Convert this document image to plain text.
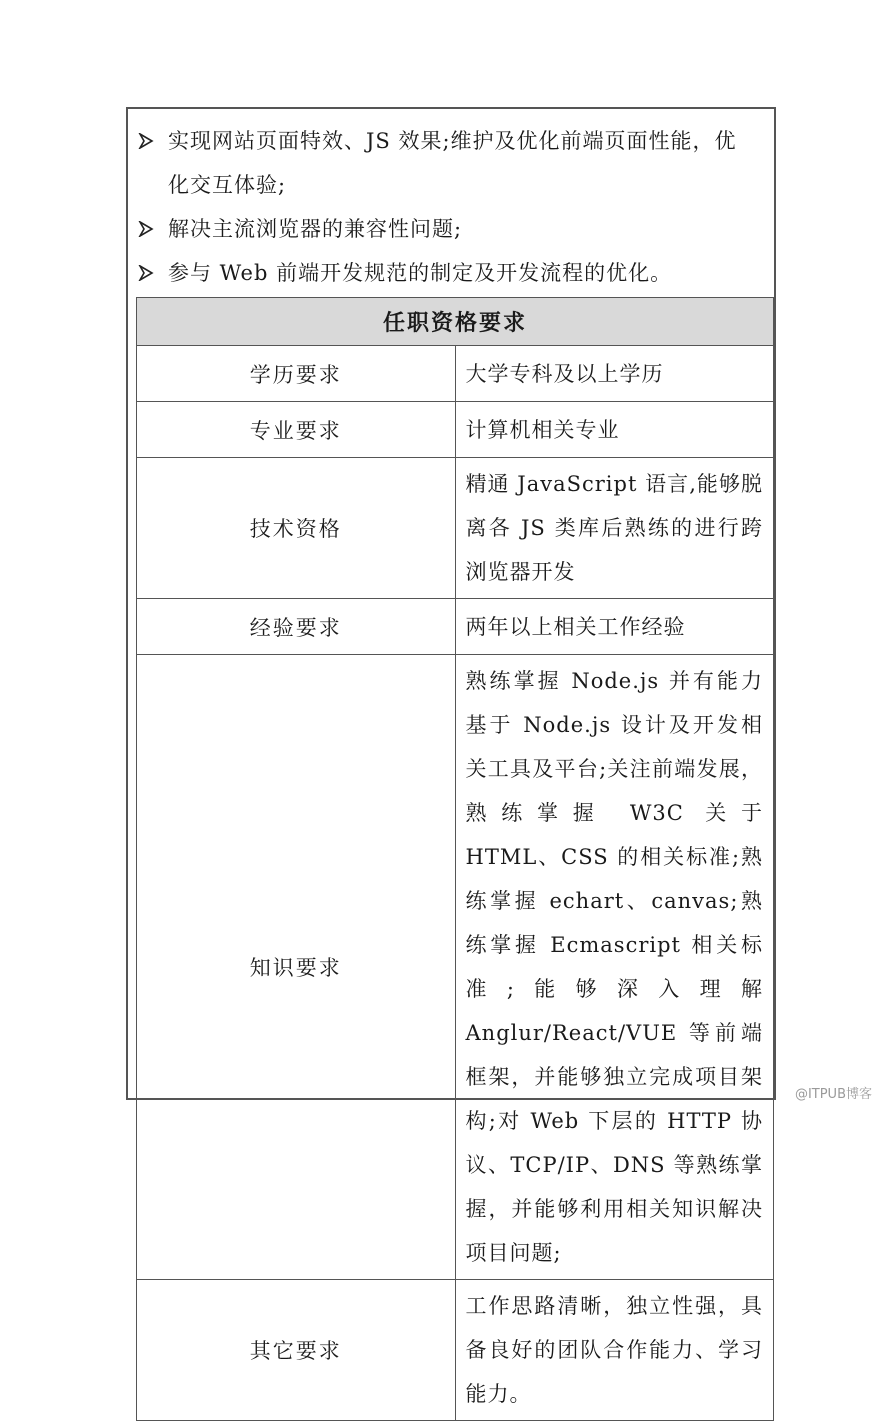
实现网站页面特效、JS 效果;维护及优化前端页面性能，优化交互体验;
解决主流浏览器的兼容性问题;
参与 Web 前端开发规范的制定及开发流程的优化。
任职资格要求	
学历要求	大学专科及以上学历
专业要求	计算机相关专业
技术资格	精通 JavaScript 语言,能够脱离各 JS 类库后熟练的进行跨浏览器开发
经验要求	两年以上相关工作经验
知识要求	熟练掌握 Node.js 并有能力基于 Node.js 设计及开发相关工具及平台;关注前端发展，熟练掌握 W3C 关于 HTML、CSS 的相关标准;熟练掌握 echart、canvas;熟练掌握 Ecmascript 相关标准;能够深入理解 Anglur/React/VUE 等前端框架，并能够独立完成项目架构;对 Web 下层的 HTTP 协议、TCP/IP、DNS 等熟练掌握，并能够利用相关知识解决项目问题;
其它要求	工作思路清晰，独立性强，具备良好的团队合作能力、学习能力。
@ITPUB博客
